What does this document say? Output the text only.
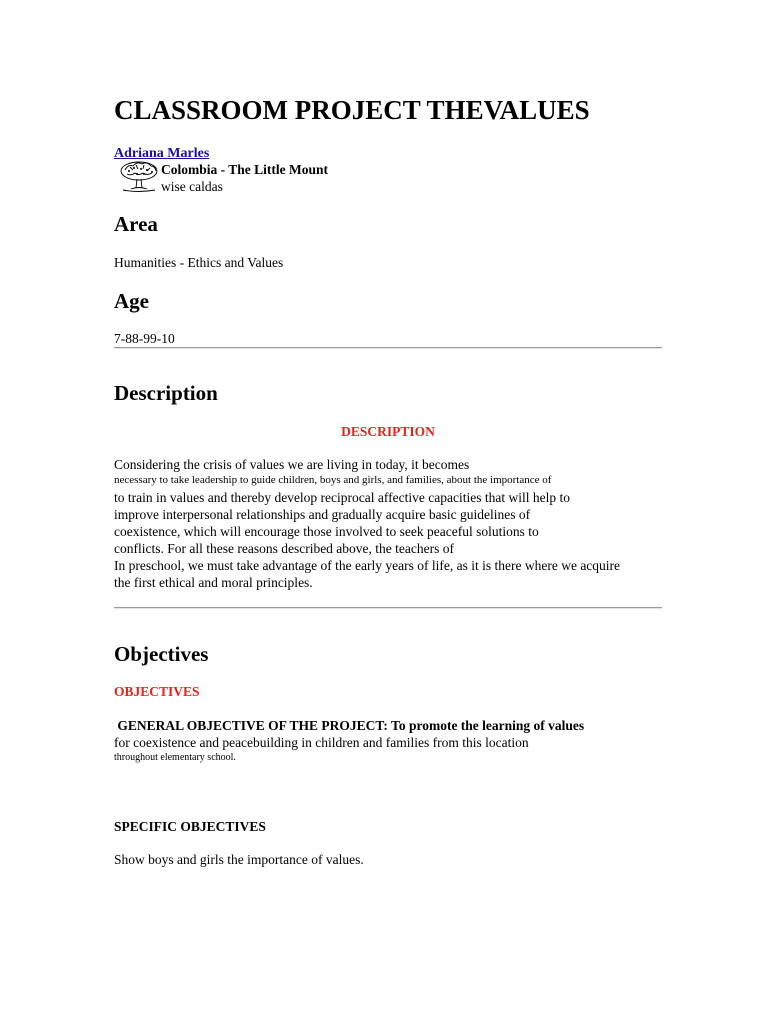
CLASSROOM PROJECT THEVALUES
Adriana Marles
Colombia - The Little Mount
wise caldas
Area
Humanities - Ethics and Values
Age
7-88-99-10
Description
DESCRIPTION
Considering the crisis of values we are living in today, it becomes
necessary to take leadership to guide children, boys and girls, and families, about the importance of
to train in values and thereby develop reciprocal affective capacities that will help to
improve interpersonal relationships and gradually acquire basic guidelines of
coexistence, which will encourage those involved to seek peaceful solutions to
conflicts. For all these reasons described above, the teachers of
In preschool, we must take advantage of the early years of life, as it is there where we acquire
the first ethical and moral principles.
Objectives
OBJECTIVES
GENERAL OBJECTIVE OF THE PROJECT: To promote the learning of values
for coexistence and peacebuilding in children and families from this location
throughout elementary school.
SPECIFIC OBJECTIVES
Show boys and girls the importance of values.
